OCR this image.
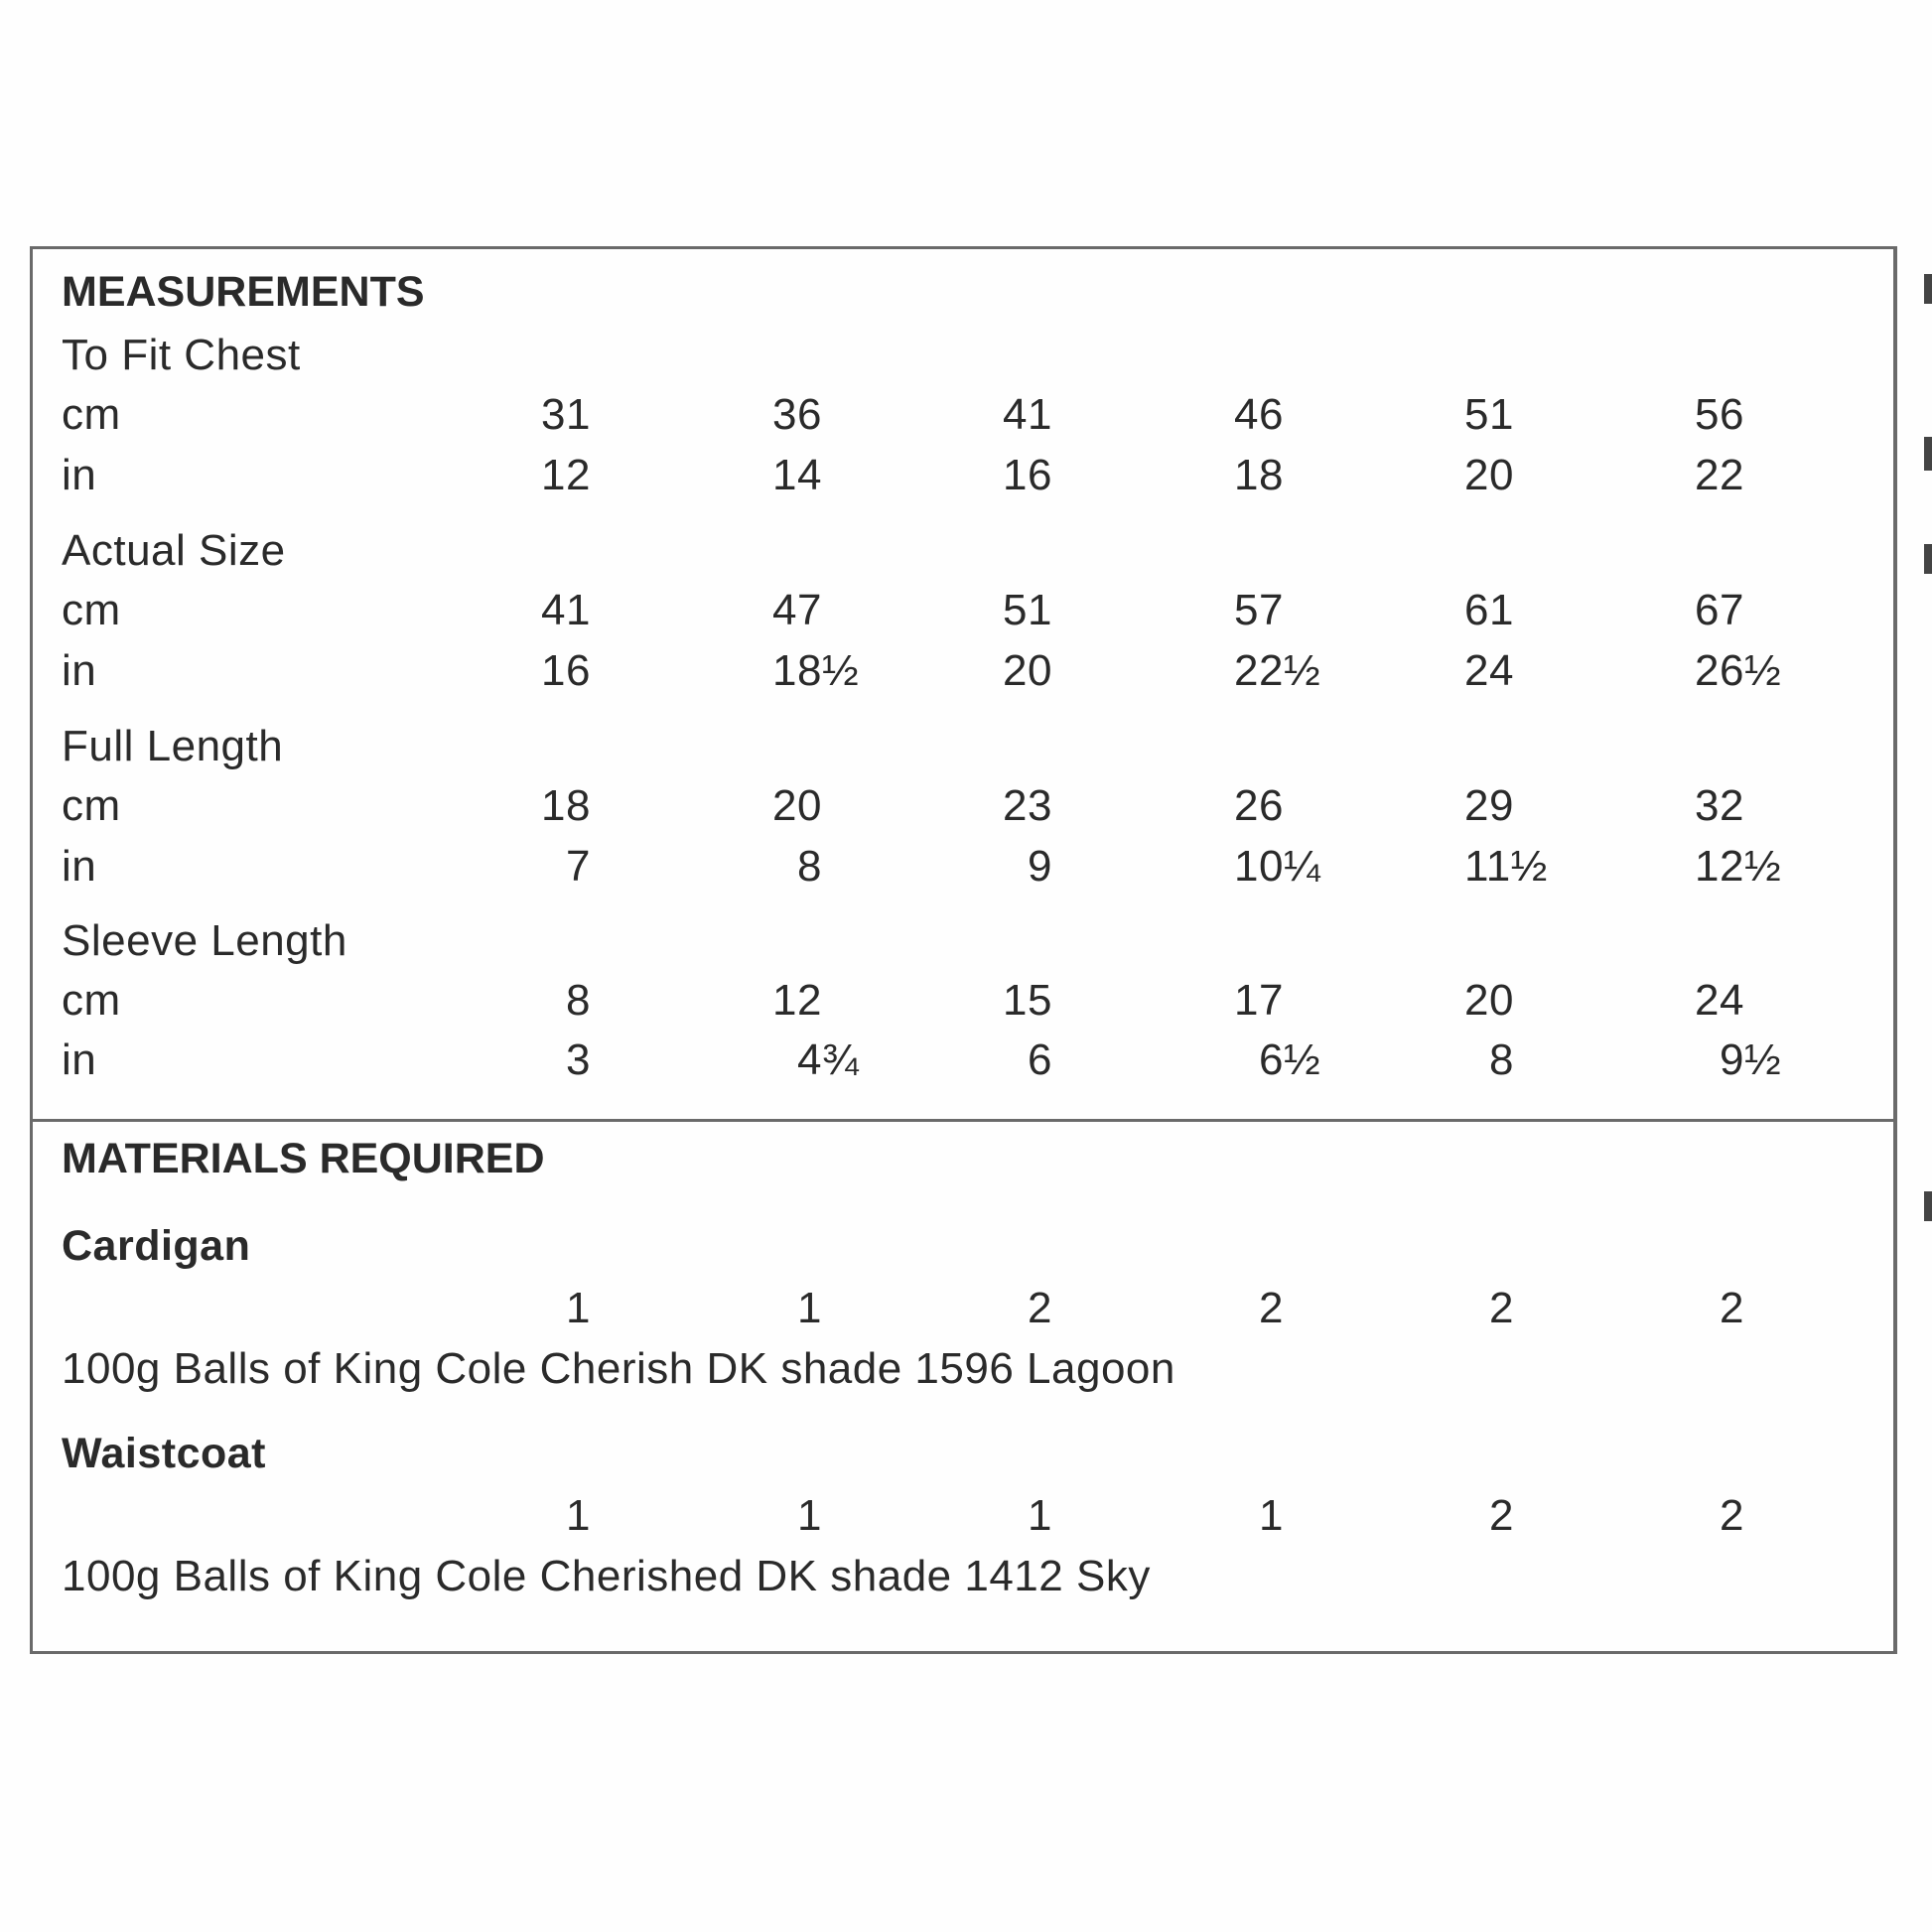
MEASUREMENTS
To Fit Chest
cm	31	36	41	46	51	56
in	12	14	16	18	20	22
Actual Size
cm	41	47	51	57	61	67
in	16	18½	20	22½	24	26½
Full Length
cm	18	20	23	26	29	32
in	7	8	9	10¼	11½	12½
Sleeve Length
cm	8	12	15	17	20	24
in	3	4¾	6	6½	8	9½
MATERIALS REQUIRED
Cardigan
1	1	2	2	2	2
100g Balls of King Cole Cherish DK shade 1596 Lagoon
Waistcoat
1	1	1	1	2	2
100g Balls of King Cole Cherished DK shade 1412 Sky
